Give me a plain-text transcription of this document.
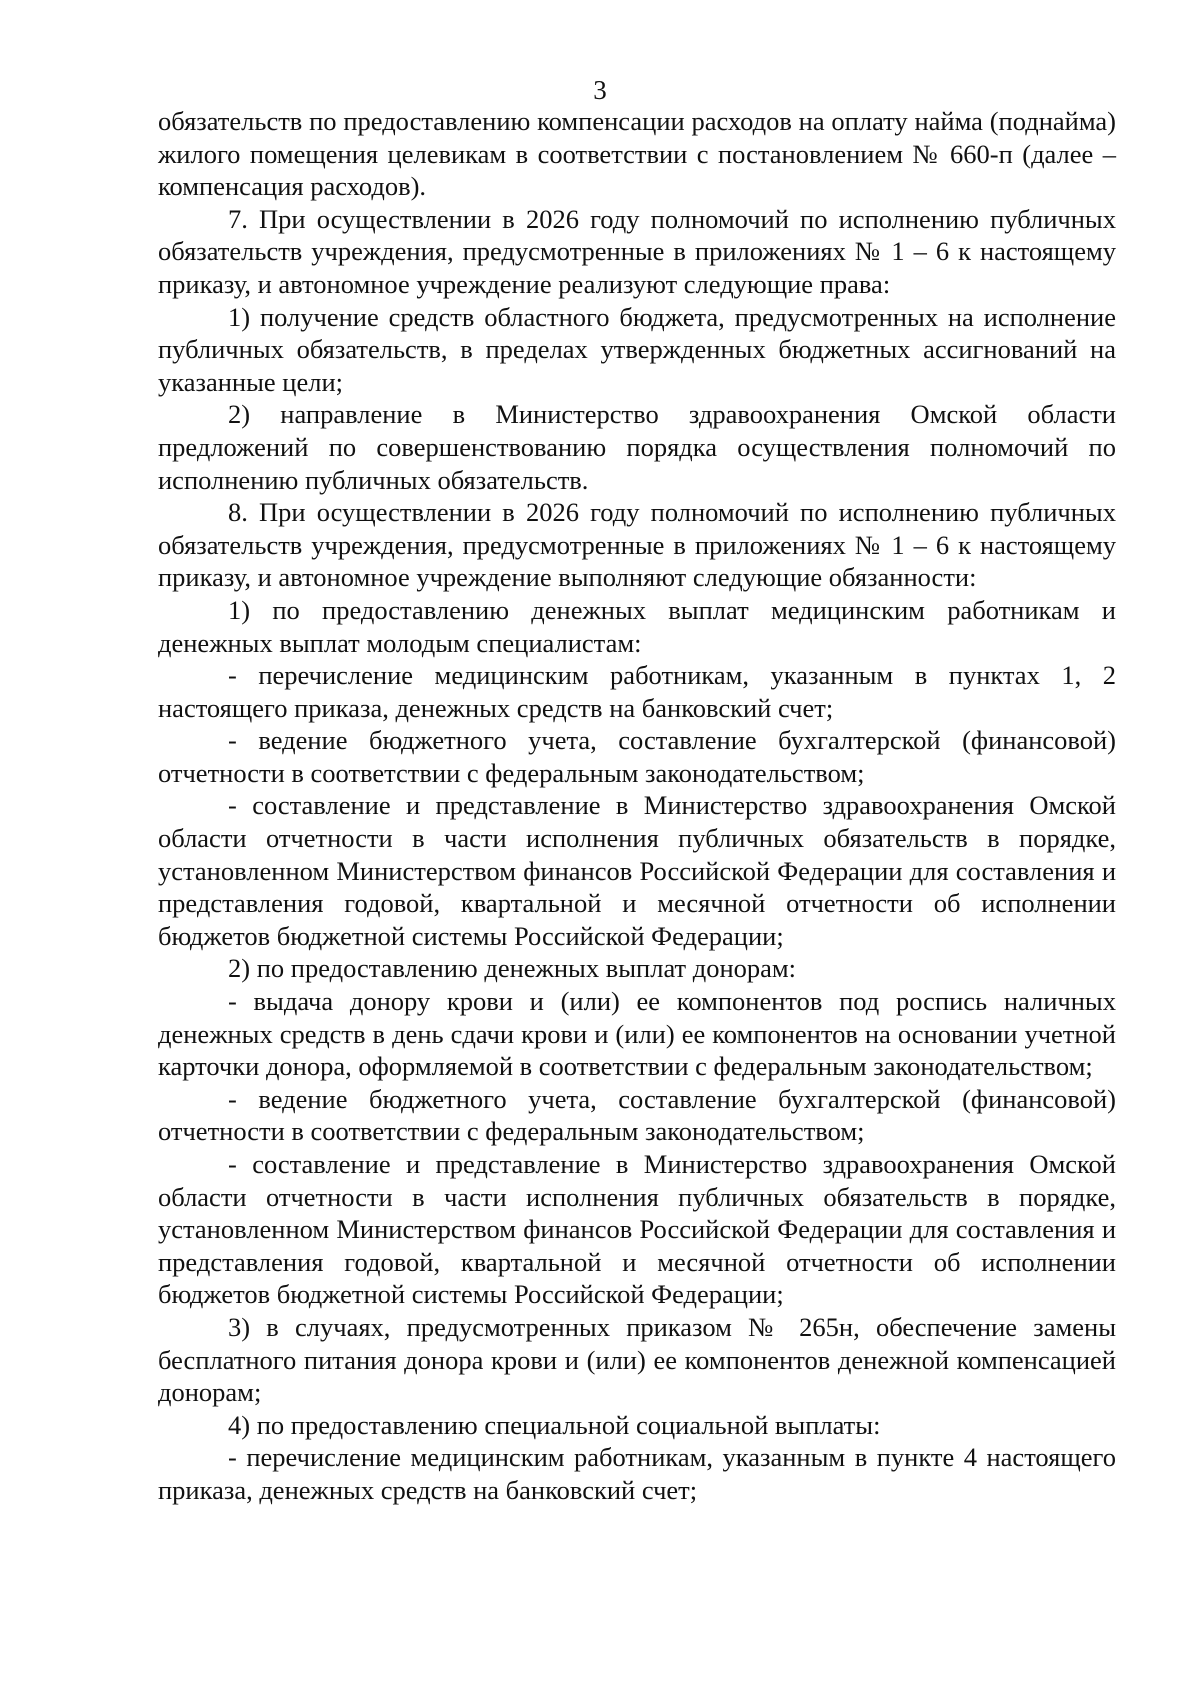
3

обязательств по предоставлению компенсации расходов на оплату найма (поднайма) жилого помещения целевикам в соответствии с постановлением № 660-п (далее – компенсация расходов).

7. При осуществлении в 2026 году полномочий по исполнению публичных обязательств учреждения, предусмотренные в приложениях № 1 – 6 к настоящему приказу, и автономное учреждение реализуют следующие права:

1) получение средств областного бюджета, предусмотренных на исполнение публичных обязательств, в пределах утвержденных бюджетных ассигнований на указанные цели;

2) направление в Министерство здравоохранения Омской области предложений по совершенствованию порядка осуществления полномочий по исполнению публичных обязательств.

8. При осуществлении в 2026 году полномочий по исполнению публичных обязательств учреждения, предусмотренные в приложениях № 1 – 6 к настоящему приказу, и автономное учреждение выполняют следующие обязанности:

1) по предоставлению денежных выплат медицинским работникам и денежных выплат молодым специалистам:

- перечисление медицинским работникам, указанным в пунктах 1, 2 настоящего приказа, денежных средств на банковский счет;

- ведение бюджетного учета, составление бухгалтерской (финансовой) отчетности в соответствии с федеральным законодательством;

- составление и представление в Министерство здравоохранения Омской области отчетности в части исполнения публичных обязательств в порядке, установленном Министерством финансов Российской Федерации для составления и представления годовой, квартальной и месячной отчетности об исполнении бюджетов бюджетной системы Российской Федерации;

2) по предоставлению денежных выплат донорам:

- выдача донору крови и (или) ее компонентов под роспись наличных денежных средств в день сдачи крови и (или) ее компонентов на основании учетной карточки донора, оформляемой в соответствии с федеральным законодательством;

- ведение бюджетного учета, составление бухгалтерской (финансовой) отчетности в соответствии с федеральным законодательством;

- составление и представление в Министерство здравоохранения Омской области отчетности в части исполнения публичных обязательств в порядке, установленном Министерством финансов Российской Федерации для составления и представления годовой, квартальной и месячной отчетности об исполнении бюджетов бюджетной системы Российской Федерации;

3) в случаях, предусмотренных приказом № 265н, обеспечение замены бесплатного питания донора крови и (или) ее компонентов денежной компенсацией донорам;

4) по предоставлению специальной социальной выплаты:

- перечисление медицинским работникам, указанным в пункте 4 настоящего приказа, денежных средств на банковский счет;
